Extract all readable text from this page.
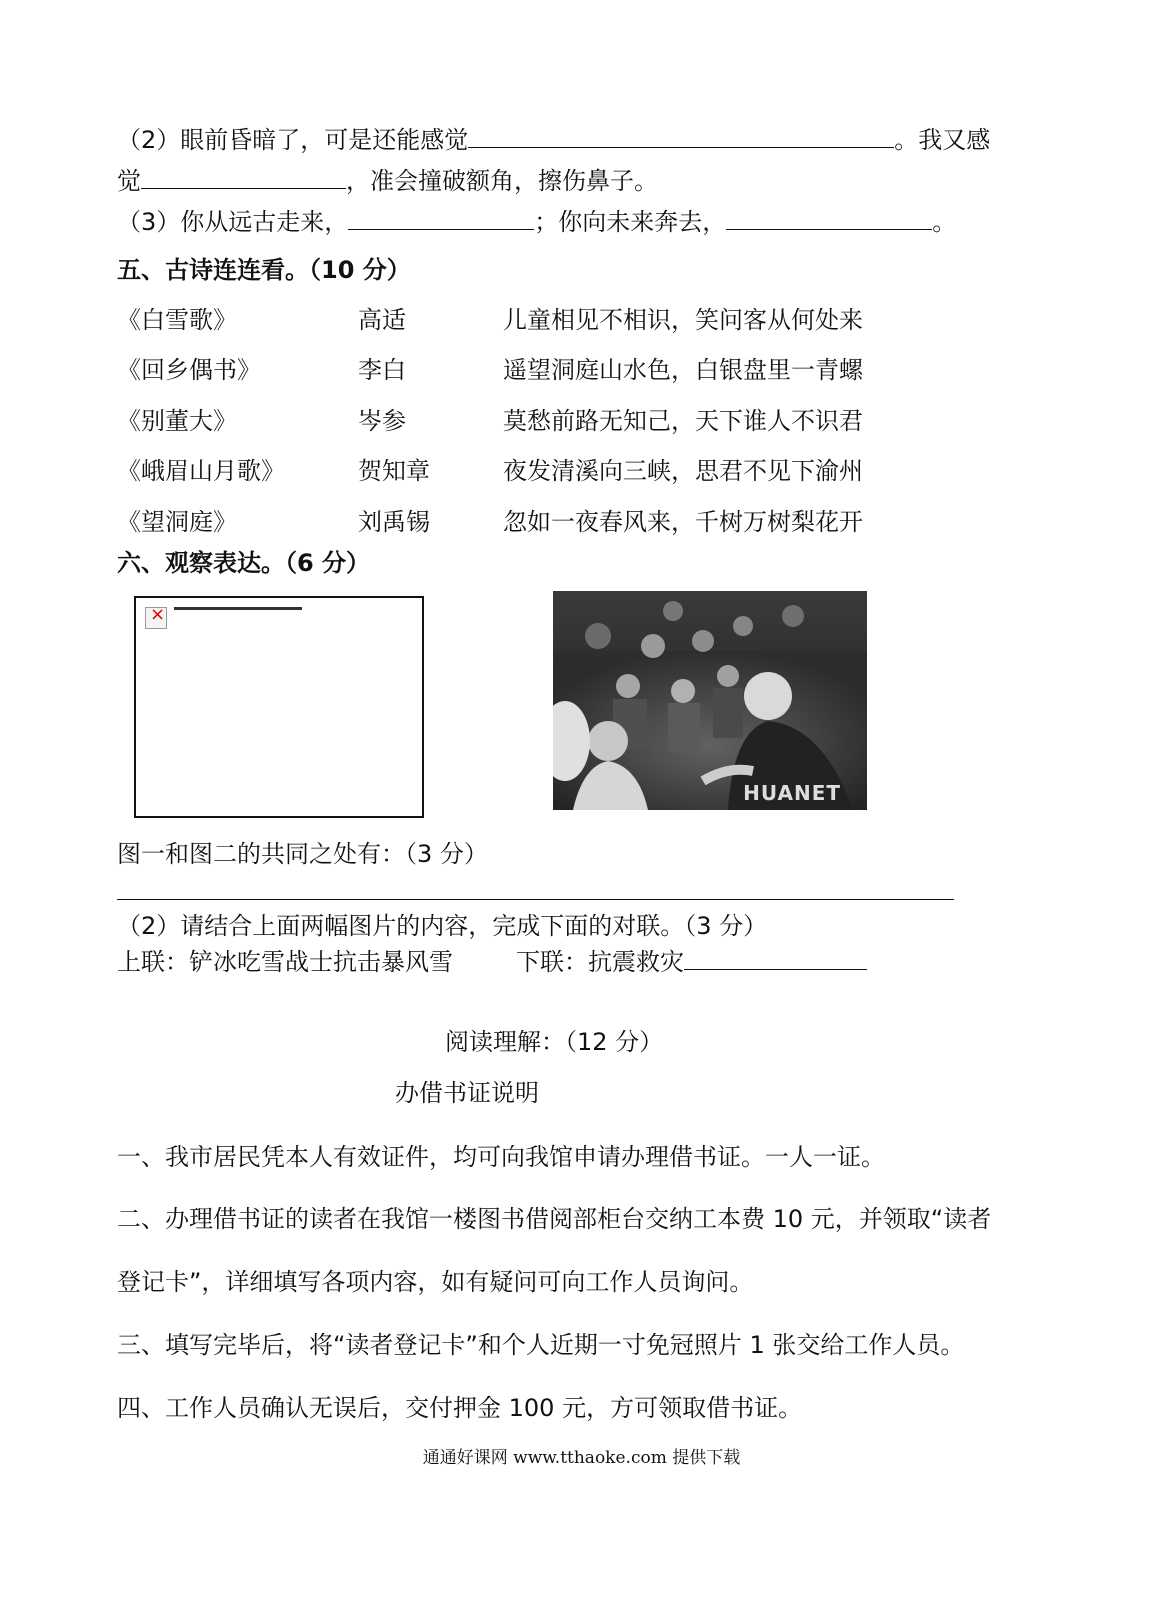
（2）眼前昏暗了，可是还能感觉	。我又感
觉	，准会撞破额角，擦伤鼻子。
（3）你从远古走来，	；你向未来奔去，	。
五、古诗连连看。（10 分）
《白雪歌》	高适	儿童相见不相识，笑问客从何处来
《回乡偶书》	李白	遥望洞庭山水色，白银盘里一青螺
《别董大》	岑参	莫愁前路无知己，天下谁人不识君
《峨眉山月歌》	贺知章	夜发清溪向三峡，思君不见下渝州
《望洞庭》	刘禹锡	忽如一夜春风来，千树万树梨花开
六、观察表达。（6 分）
×
HUANET
图一和图二的共同之处有：（3 分）
（2）请结合上面两幅图片的内容，完成下面的对联。（3 分）
上联：铲冰吃雪战士抗击暴风雪	下联：抗震救灾
阅读理解：（12 分）
办借书证说明
一、我市居民凭本人有效证件，均可向我馆申请办理借书证。一人一证。
二、办理借书证的读者在我馆一楼图书借阅部柜台交纳工本费 10 元，并领取“读者
登记卡”，详细填写各项内容，如有疑问可向工作人员询问。
三、填写完毕后，将“读者登记卡”和个人近期一寸免冠照片 1 张交给工作人员。
四、工作人员确认无误后，交付押金 100 元，方可领取借书证。
通通好课网 www.tthaoke.com 提供下载
